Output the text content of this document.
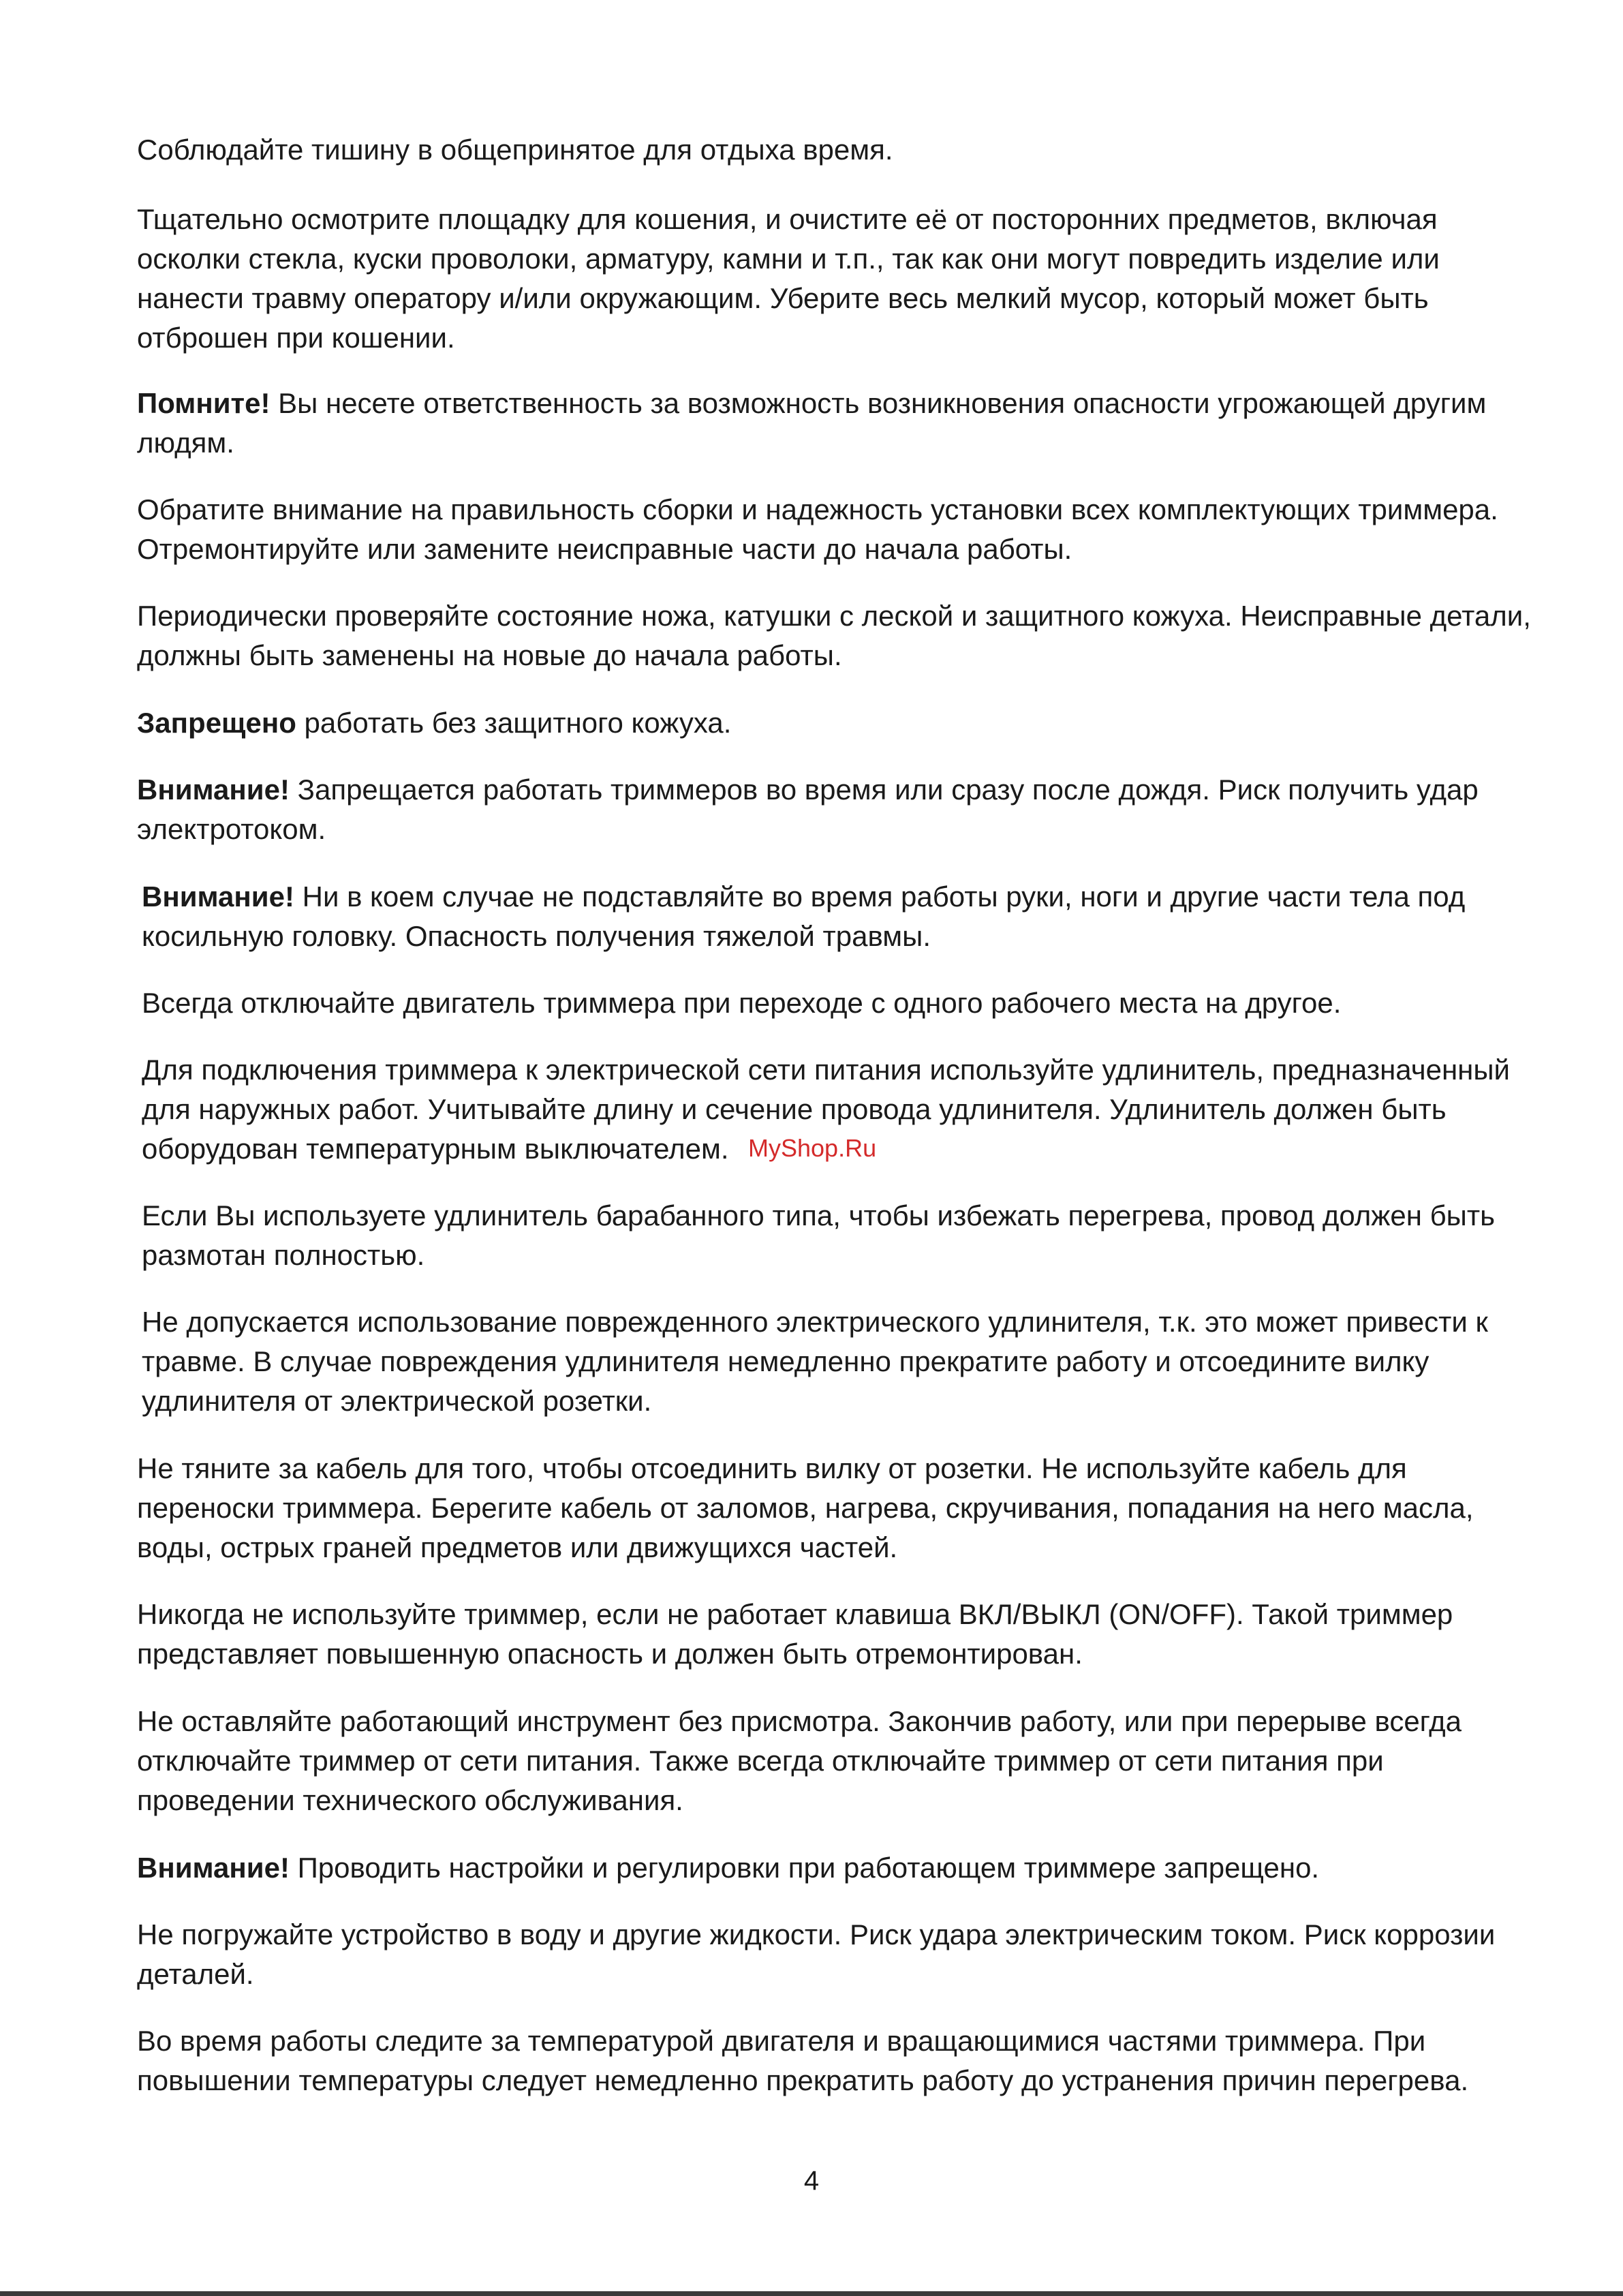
Соблюдайте тишину в общепринятое для отдыха время.

Тщательно осмотрите площадку для кошения, и очистите её от посторонних предметов, включая осколки стекла, куски проволоки, арматуру, камни и т.п., так как они могут повредить изделие или нанести травму оператору и/или окружающим. Уберите весь мелкий мусор, который может быть отброшен при кошении.

Помните! Вы несете ответственность за возможность возникновения опасности угрожающей другим людям.

Обратите внимание на правильность сборки и надежность установки всех комплектующих триммера. Отремонтируйте или замените неисправные части до начала работы.

Периодически проверяйте состояние ножа, катушки с леской и защитного кожуха. Неисправные детали, должны быть заменены на новые до начала работы.

Запрещено работать без защитного кожуха.

Внимание! Запрещается работать триммеров во время или сразу после дождя. Риск получить удар электротоком.

Внимание! Ни в коем случае не подставляйте во время работы руки, ноги и другие части тела под косильную головку. Опасность получения тяжелой травмы.

Всегда отключайте двигатель триммера при переходе с одного рабочего места на другое.

Для подключения триммера к электрической сети питания используйте удлинитель, предназначенный для наружных работ. Учитывайте длину и сечение провода удлинителя. Удлинитель должен быть оборудован температурным выключателем.

Если Вы используете удлинитель барабанного типа, чтобы избежать перегрева, провод должен быть размотан полностью.

Не допускается использование поврежденного электрического удлинителя, т.к. это может привести к травме. В случае повреждения удлинителя немедленно прекратите работу и отсоедините вилку удлинителя от электрической розетки.

Не тяните за кабель для того, чтобы отсоединить вилку от розетки. Не используйте кабель для переноски триммера. Берегите кабель от заломов, нагрева, скручивания, попадания на него масла, воды, острых граней предметов или движущихся частей.

Никогда не используйте триммер, если не работает клавиша ВКЛ/ВЫКЛ (ON/OFF). Такой триммер представляет повышенную опасность и должен быть отремонтирован.

Не оставляйте работающий инструмент без присмотра. Закончив работу, или при перерыве всегда отключайте триммер от сети питания. Также всегда отключайте триммер от сети питания при проведении технического обслуживания.

Внимание! Проводить настройки и регулировки при работающем триммере запрещено.

Не погружайте устройство в воду и другие жидкости. Риск удара электрическим током. Риск коррозии деталей.

Во время работы следите за температурой двигателя и вращающимися частями триммера. При повышении температуры следует немедленно прекратить работу до устранения причин перегрева.

MyShop.Ru
4
